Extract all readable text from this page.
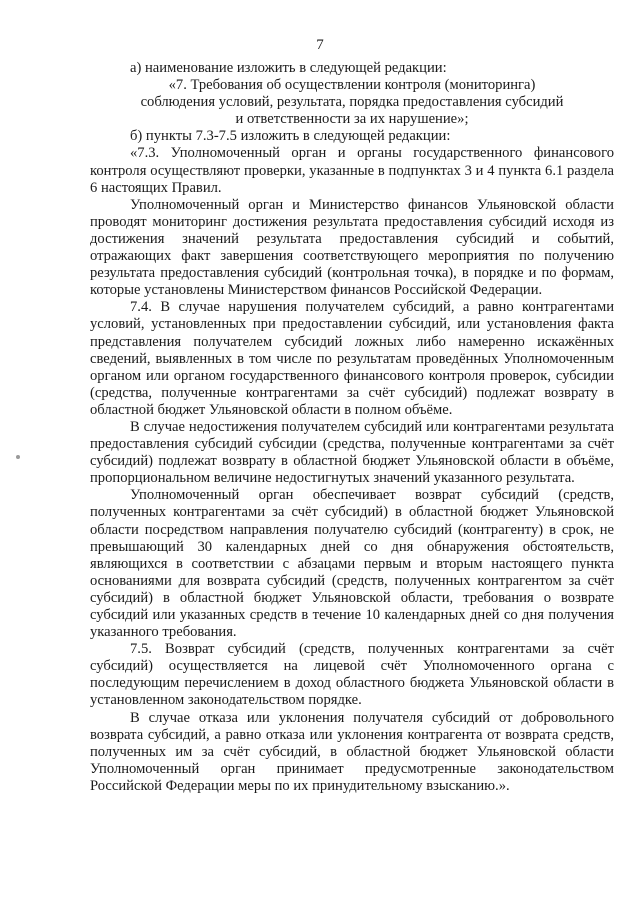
7

а) наименование изложить в следующей редакции:

«7. Требования об осуществлении контроля (мониторинга) соблюдения условий, результата, порядка предоставления субсидий и ответственности за их нарушение»;

б) пункты 7.3-7.5 изложить в следующей редакции:

«7.3. Уполномоченный орган и органы государственного финансового контроля осуществляют проверки, указанные в подпунктах 3 и 4 пункта 6.1 раздела 6 настоящих Правил.

Уполномоченный орган и Министерство финансов Ульяновской области проводят мониторинг достижения результата предоставления субсидий исходя из достижения значений результата предоставления субсидий и событий, отражающих факт завершения соответствующего мероприятия по получению результата предоставления субсидий (контрольная точка), в порядке и по формам, которые установлены Министерством финансов Российской Федерации.

7.4. В случае нарушения получателем субсидий, а равно контрагентами условий, установленных при предоставлении субсидий, или установления факта представления получателем субсидий ложных либо намеренно искажённых сведений, выявленных в том числе по результатам проведённых Уполномоченным органом или органом государственного финансового контроля проверок, субсидии (средства, полученные контрагентами за счёт субсидий) подлежат возврату в областной бюджет Ульяновской области в полном объёме.

В случае недостижения получателем субсидий или контрагентами результата предоставления субсидий субсидии (средства, полученные контрагентами за счёт субсидий) подлежат возврату в областной бюджет Ульяновской области в объёме, пропорциональном величине недостигнутых значений указанного результата.

Уполномоченный орган обеспечивает возврат субсидий (средств, полученных контрагентами за счёт субсидий) в областной бюджет Ульяновской области посредством направления получателю субсидий (контрагенту) в срок, не превышающий 30 календарных дней со дня обнаружения обстоятельств, являющихся в соответствии с абзацами первым и вторым настоящего пункта основаниями для возврата субсидий (средств, полученных контрагентом за счёт субсидий) в областной бюджет Ульяновской области, требования о возврате субсидий или указанных средств в течение 10 календарных дней со дня получения указанного требования.

7.5. Возврат субсидий (средств, полученных контрагентами за счёт субсидий) осуществляется на лицевой счёт Уполномоченного органа с последующим перечислением в доход областного бюджета Ульяновской области в установленном законодательством порядке.

В случае отказа или уклонения получателя субсидий от добровольного возврата субсидий, а равно отказа или уклонения контрагента от возврата средств, полученных им за счёт субсидий, в областной бюджет Ульяновской области Уполномоченный орган принимает предусмотренные законодательством Российской Федерации меры по их принудительному взысканию.».
